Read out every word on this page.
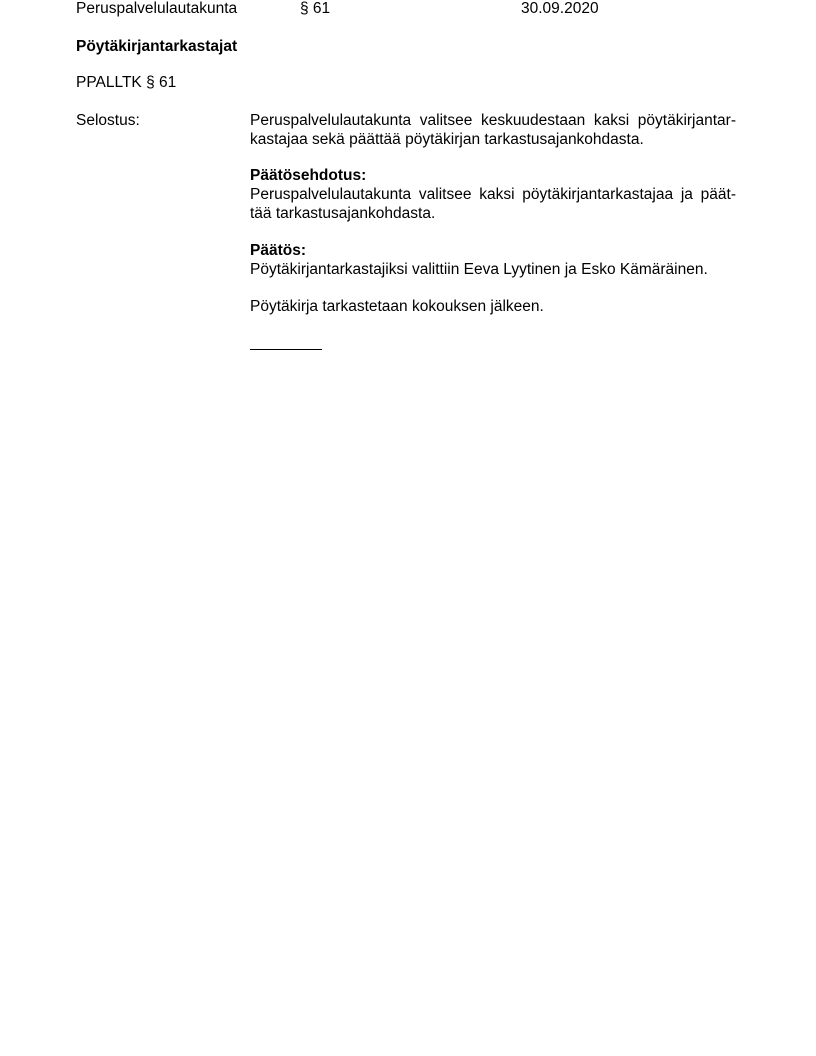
Peruspalvelulautakunta	§ 61	30.09.2020
Pöytäkirjantarkastajat
PPALLTK § 61
Selostus:	Peruspalvelulautakunta valitsee keskuudestaan kaksi pöytäkirjantar-
kastajaa sekä päättää pöytäkirjan tarkastusajankohdasta.
Päätösehdotus:
Peruspalvelulautakunta valitsee kaksi pöytäkirjantarkastajaa ja päät-
tää tarkastusajankohdasta.
Päätös:
Pöytäkirjantarkastajiksi valittiin Eeva Lyytinen ja Esko Kämäräinen.
Pöytäkirja tarkastetaan kokouksen jälkeen.
